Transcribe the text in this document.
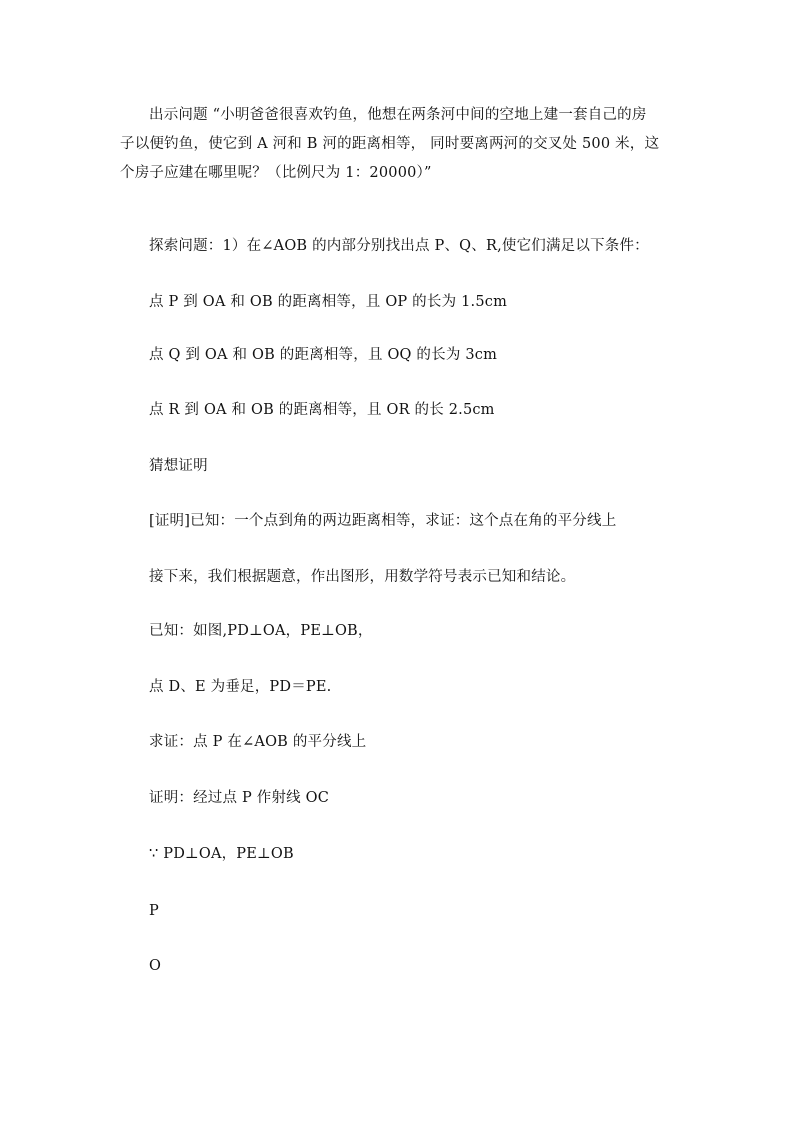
出示问题 “小明爸爸很喜欢钓鱼，他想在两条河中间的空地上建一套自己的房子以便钓鱼，使它到 A 河和 B 河的距离相等， 同时要离两河的交叉处 500 米，这个房子应建在哪里呢？（比例尺为 1：20000）”

探索问题：1）在∠AOB 的内部分别找出点 P、Q、R,使它们满足以下条件：

点 P 到 OA 和 OB 的距离相等，且 OP 的长为 1.5cm

点 Q 到 OA 和 OB 的距离相等，且 OQ 的长为 3cm

点 R 到 OA 和 OB 的距离相等，且 OR 的长 2.5cm

猜想证明

[证明]已知：一个点到角的两边距离相等，求证：这个点在角的平分线上

接下来，我们根据题意，作出图形，用数学符号表示已知和结论。

已知：如图,PD⊥OA，PE⊥OB，

点 D、E 为垂足，PD＝PE.

求证：点 P 在∠AOB 的平分线上

证明：经过点 P 作射线 OC

∵ PD⊥OA，PE⊥OB

P

O
